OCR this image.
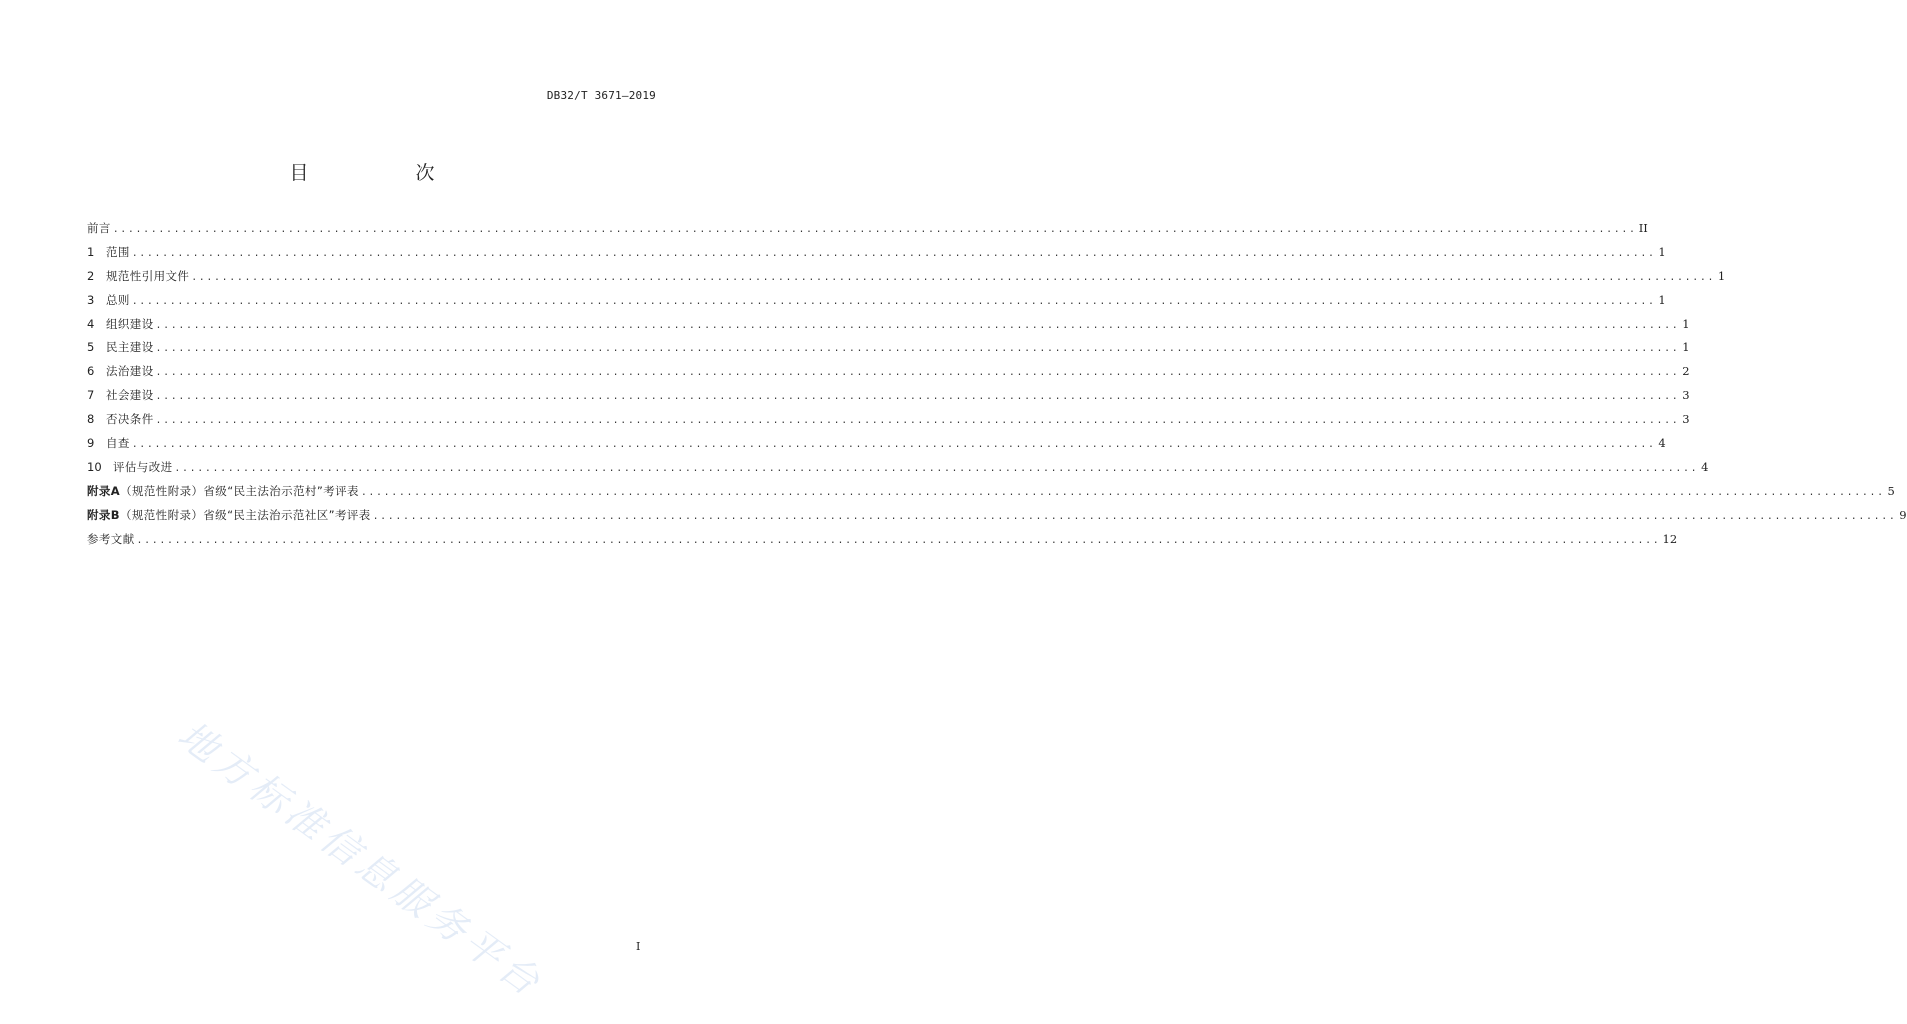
DB32/T 3671—2019
目　次
前言 ........................................................................................................................................................................................................ II
1	范围 ........................................................................................................................................................................................................ 1
2	规范性引用文件 ........................................................................................................................................................................................................ 1
3	总则 ........................................................................................................................................................................................................ 1
4	组织建设 ........................................................................................................................................................................................................ 1
5	民主建设 ........................................................................................................................................................................................................ 1
6	法治建设 ........................................................................................................................................................................................................ 2
7	社会建设 ........................................................................................................................................................................................................ 3
8	否决条件 ........................................................................................................................................................................................................ 3
9	自查 ........................................................................................................................................................................................................ 4
10 评估与改进 ........................................................................................................................................................................................................ 4
附录A（规范性附录）省级“民主法治示范村”考评表 ........................................................................................................................................................................................................ 5
附录B（规范性附录）省级“民主法治示范社区”考评表 ........................................................................................................................................................................................................ 9
参考文献 ........................................................................................................................................................................................................ 12
地方标准信息服务平台	I
